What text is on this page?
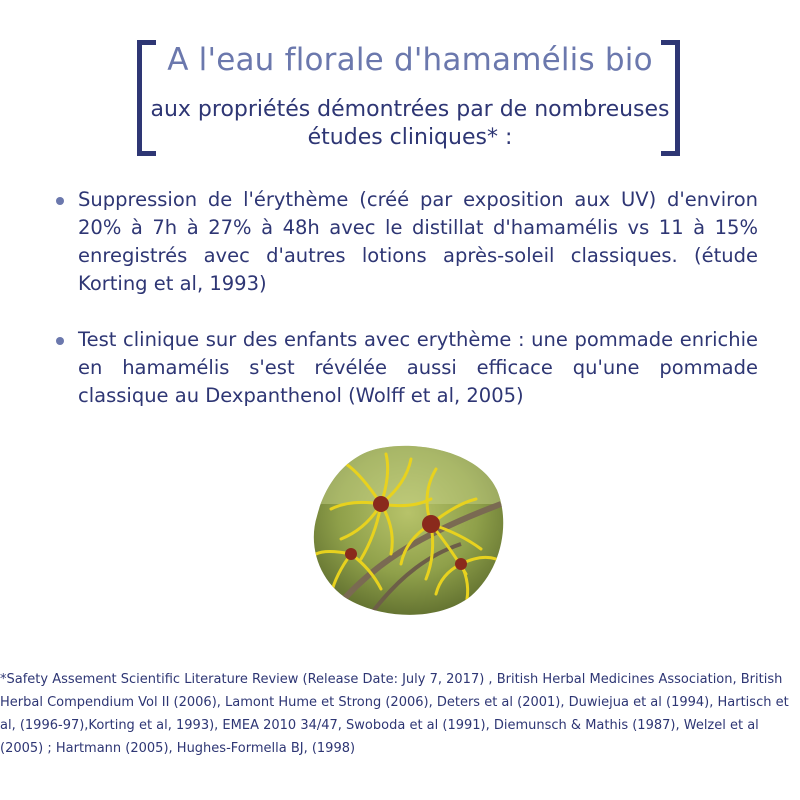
A l'eau florale d'hamamélis bio
aux propriétés démontrées par de nombreuses études cliniques* :
Suppression de l'érythème (créé par exposition aux UV) d'environ 20% à 7h à 27% à 48h avec le distillat d'hamamélis vs 11 à 15% enregistrés avec d'autres lotions après-soleil classiques. (étude Korting et al, 1993)
Test clinique sur des enfants avec erythème : une pommade enrichie en hamamélis s'est révélée aussi efficace qu'une pommade classique au Dexpanthenol (Wolff et al, 2005)
*Safety Assement Scientific Literature Review (Release Date: July 7, 2017) , British Herbal Medicines Association, British Herbal Compendium Vol II (2006), Lamont Hume et Strong (2006), Deters et al (2001), Duwiejua et al (1994), Hartisch et al, (1996-97),Korting et al, 1993), EMEA 2010 34/47, Swoboda et al (1991), Diemunsch & Mathis (1987), Welzel et al (2005) ; Hartmann (2005), Hughes-Formella BJ, (1998)
